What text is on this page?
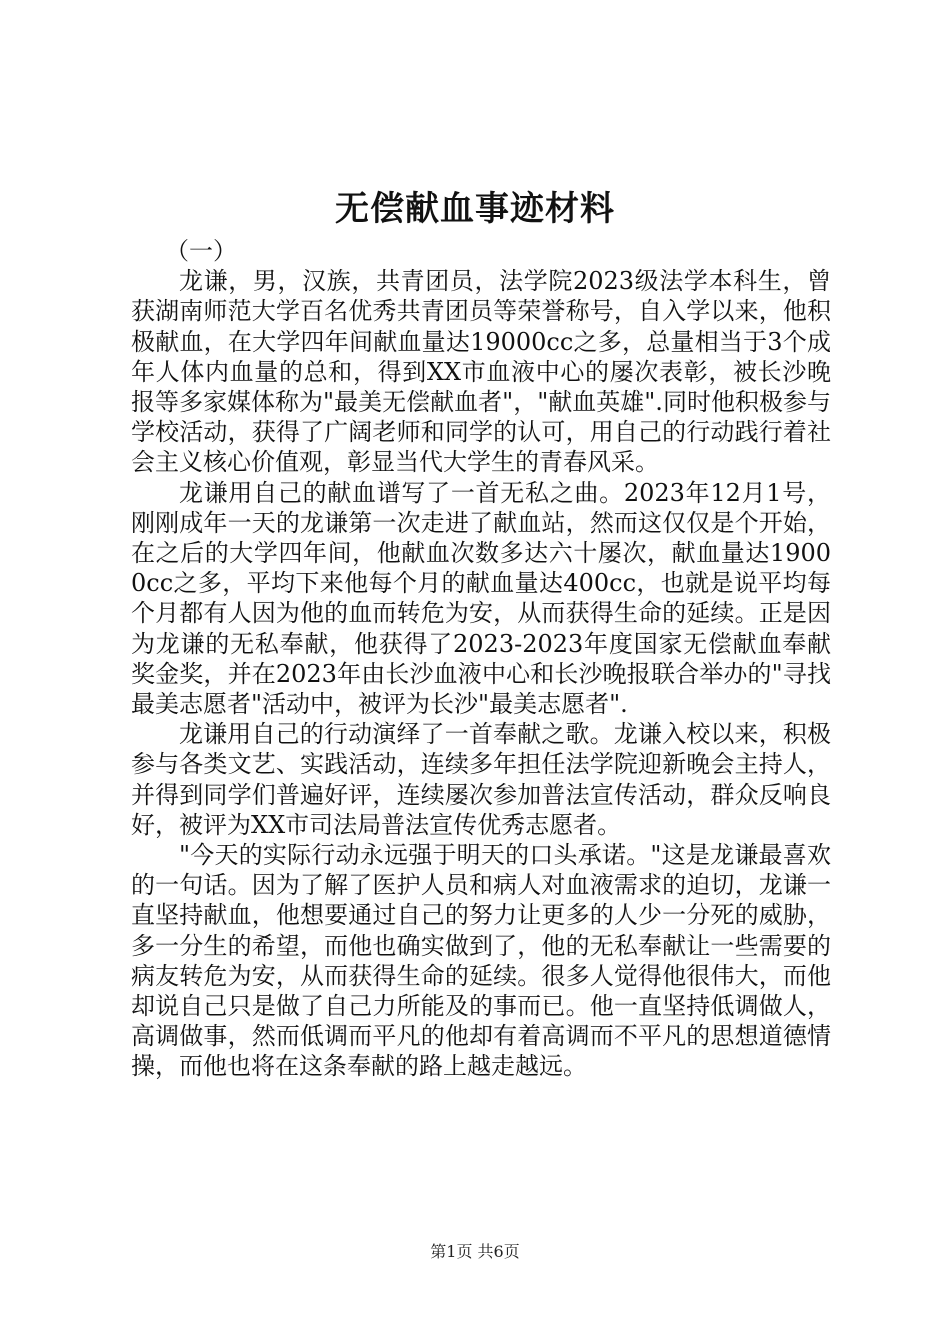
无偿献血事迹材料

（一）

龙谦，男，汉族，共青团员，法学院2023级法学本科生，曾获湖南师范大学百名优秀共青团员等荣誉称号，自入学以来，他积极献血，在大学四年间献血量达19000cc之多，总量相当于3个成年人体内血量的总和，得到XX市血液中心的屡次表彰，被长沙晚报等多家媒体称为"最美无偿献血者"，"献血英雄".同时他积极参与学校活动，获得了广阔老师和同学的认可，用自己的行动践行着社会主义核心价值观，彰显当代大学生的青春风采。

龙谦用自己的献血谱写了一首无私之曲。2023年12月1号，刚刚成年一天的龙谦第一次走进了献血站，然而这仅仅是个开始，在之后的大学四年间，他献血次数多达六十屡次，献血量达19000cc之多，平均下来他每个月的献血量达400cc，也就是说平均每个月都有人因为他的血而转危为安，从而获得生命的延续。正是因为龙谦的无私奉献，他获得了2023-2023年度国家无偿献血奉献奖金奖，并在2023年由长沙血液中心和长沙晚报联合举办的"寻找最美志愿者"活动中，被评为长沙"最美志愿者".

龙谦用自己的行动演绎了一首奉献之歌。龙谦入校以来，积极参与各类文艺、实践活动，连续多年担任法学院迎新晚会主持人，并得到同学们普遍好评，连续屡次参加普法宣传活动，群众反响良好，被评为XX市司法局普法宣传优秀志愿者。

"今天的实际行动永远强于明天的口头承诺。"这是龙谦最喜欢的一句话。因为了解了医护人员和病人对血液需求的迫切，龙谦一直坚持献血，他想要通过自己的努力让更多的人少一分死的威胁，多一分生的希望，而他也确实做到了，他的无私奉献让一些需要的病友转危为安，从而获得生命的延续。很多人觉得他很伟大，而他却说自己只是做了自己力所能及的事而已。他一直坚持低调做人，高调做事，然而低调而平凡的他却有着高调而不平凡的思想道德情操，而他也将在这条奉献的路上越走越远。

第1页 共6页
